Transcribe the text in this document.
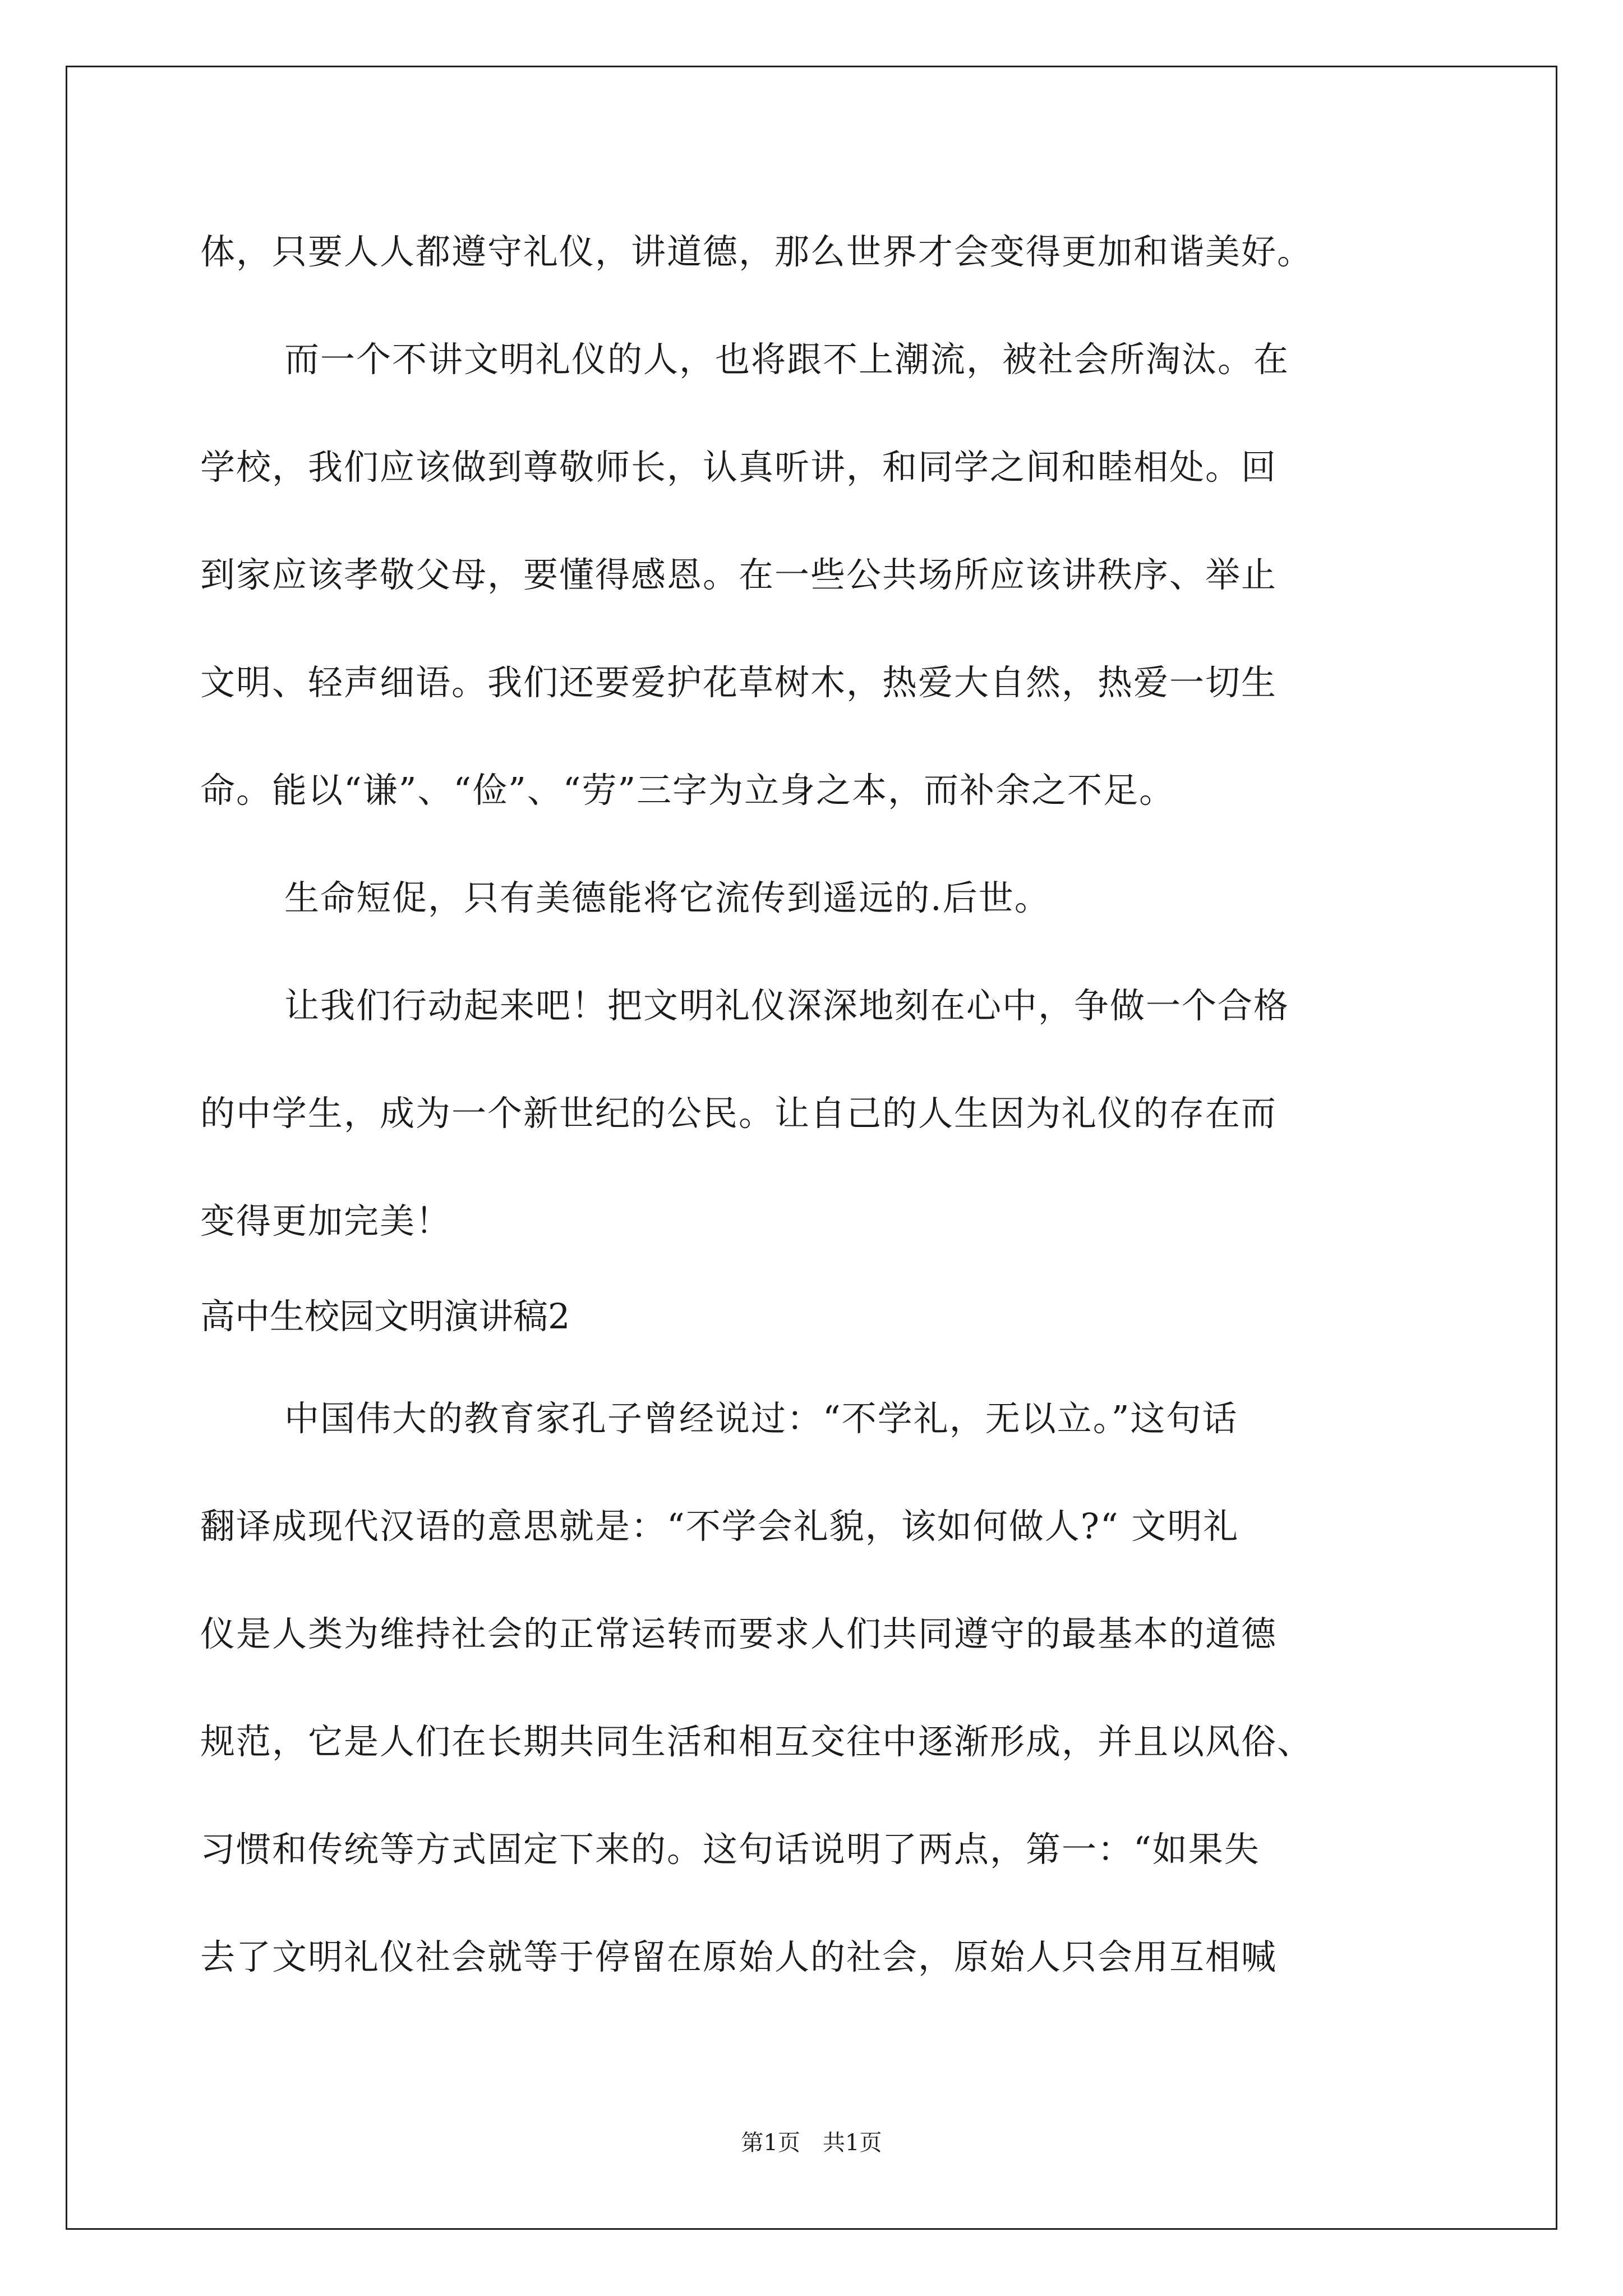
体，只要人人都遵守礼仪，讲道德，那么世界才会变得更加和谐美好。
而一个不讲文明礼仪的人，也将跟不上潮流，被社会所淘汰。在
学校，我们应该做到尊敬师长，认真听讲，和同学之间和睦相处。回
到家应该孝敬父母，要懂得感恩。在一些公共场所应该讲秩序、举止
文明、轻声细语。我们还要爱护花草树木，热爱大自然，热爱一切生
命。能以“谦”、“俭”、“劳”三字为立身之本，而补余之不足。
生命短促，只有美德能将它流传到遥远的.后世。
让我们行动起来吧！把文明礼仪深深地刻在心中，争做一个合格
的中学生，成为一个新世纪的公民。让自己的人生因为礼仪的存在而
变得更加完美！
高中生校园文明演讲稿2
中国伟大的教育家孔子曾经说过：“不学礼，无以立。”这句话
翻译成现代汉语的意思就是：“不学会礼貌，该如何做人?“ 文明礼
仪是人类为维持社会的正常运转而要求人们共同遵守的最基本的道德
规范，它是人们在长期共同生活和相互交往中逐渐形成，并且以风俗、
习惯和传统等方式固定下来的。这句话说明了两点，第一：“如果失
去了文明礼仪社会就等于停留在原始人的社会，原始人只会用互相喊
第1页　共1页
